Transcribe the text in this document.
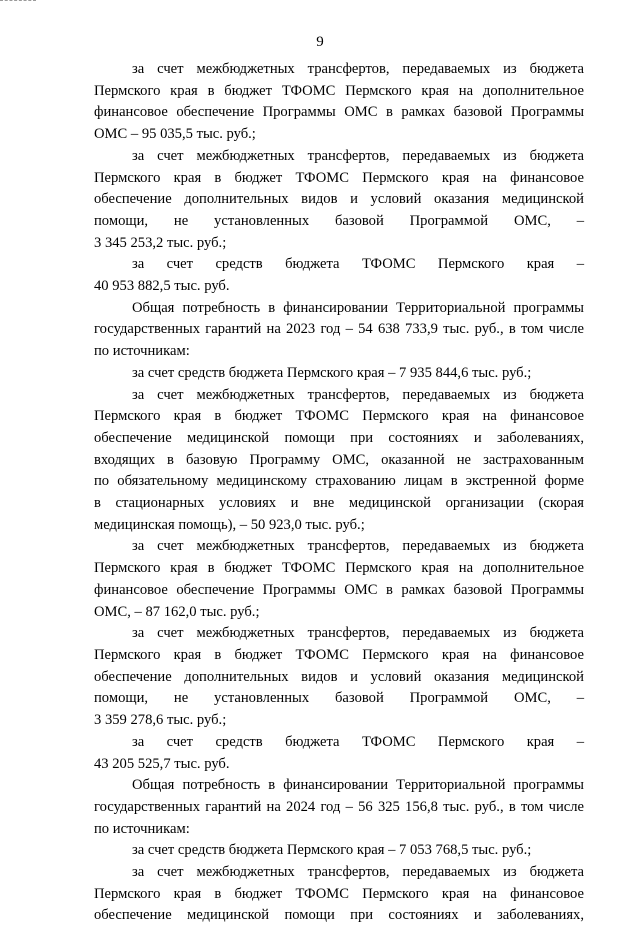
9
за счет межбюджетных трансфертов, передаваемых из бюджета
Пермского края в бюджет ТФОМС Пермского края на дополнительное
финансовое обеспечение Программы ОМС в рамках базовой Программы
ОМС – 95 035,5 тыс. руб.;
за счет межбюджетных трансфертов, передаваемых из бюджета
Пермского края в бюджет ТФОМС Пермского края на финансовое
обеспечение дополнительных видов и условий оказания медицинской
помощи, не установленных базовой Программой ОМС, –
3 345 253,2 тыс. руб.;
за счет средств бюджета ТФОМС Пермского края –
40 953 882,5 тыс. руб.
Общая потребность в финансировании Территориальной программы
государственных гарантий на 2023 год – 54 638 733,9 тыс. руб., в том числе
по источникам:
за счет средств бюджета Пермского края – 7 935 844,6 тыс. руб.;
за счет межбюджетных трансфертов, передаваемых из бюджета
Пермского края в бюджет ТФОМС Пермского края на финансовое
обеспечение медицинской помощи при состояниях и заболеваниях,
входящих в базовую Программу ОМС, оказанной не застрахованным
по обязательному медицинскому страхованию лицам в экстренной форме
в стационарных условиях и вне медицинской организации (скорая
медицинская помощь), – 50 923,0 тыс. руб.;
за счет межбюджетных трансфертов, передаваемых из бюджета
Пермского края в бюджет ТФОМС Пермского края на дополнительное
финансовое обеспечение Программы ОМС в рамках базовой Программы
ОМС, – 87 162,0 тыс. руб.;
за счет межбюджетных трансфертов, передаваемых из бюджета
Пермского края в бюджет ТФОМС Пермского края на финансовое
обеспечение дополнительных видов и условий оказания медицинской
помощи, не установленных базовой Программой ОМС, –
3 359 278,6 тыс. руб.;
за счет средств бюджета ТФОМС Пермского края –
43 205 525,7 тыс. руб.
Общая потребность в финансировании Территориальной программы
государственных гарантий на 2024 год – 56 325 156,8 тыс. руб., в том числе
по источникам:
за счет средств бюджета Пермского края – 7 053 768,5 тыс. руб.;
за счет межбюджетных трансфертов, передаваемых из бюджета
Пермского края в бюджет ТФОМС Пермского края на финансовое
обеспечение медицинской помощи при состояниях и заболеваниях,
